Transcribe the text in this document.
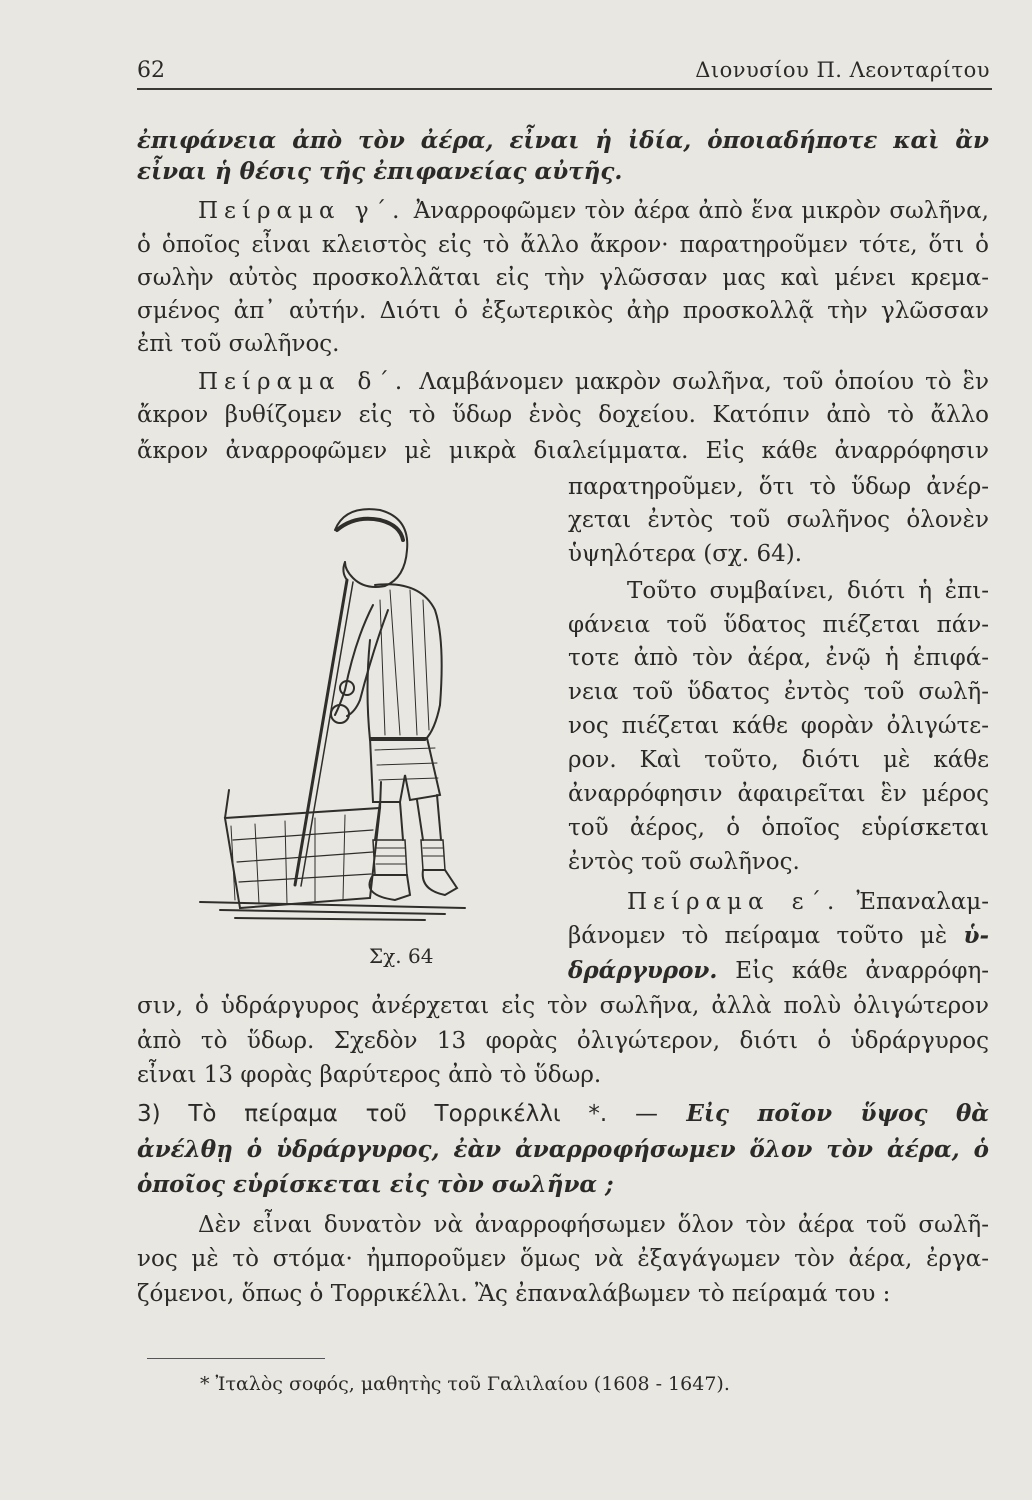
62	Διονυσίου Π. Λεονταρίτου
ἐπιφάνεια ἀπὸ τὸν ἀέρα, εἶναι ἡ ἰδία, ὁποιαδήποτε καὶ ἂν
εἶναι ἡ θέσις τῆς ἐπιφανείας αὐτῆς.
Πείραμα γ΄. Ἀναρροφῶμεν τὸν ἀέρα ἀπὸ ἕνα μικρὸν σωλῆνα,
ὁ ὁποῖος εἶναι κλειστὸς εἰς τὸ ἄλλο ἄκρον· παρατηροῦμεν τότε, ὅτι ὁ
σωλὴν αὐτὸς προσκολλᾶται εἰς τὴν γλῶσσαν μας καὶ μένει κρεμα-
σμένος ἀπ᾽ αὐτήν. Διότι ὁ ἐξωτερικὸς ἀὴρ προσκολλᾷ τὴν γλῶσσαν
ἐπὶ τοῦ σωλῆνος.
Πείραμα δ΄. Λαμβάνομεν μακρὸν σωλῆνα, τοῦ ὁποίου τὸ ἓν
ἄκρον βυθίζομεν εἰς τὸ ὕδωρ ἑνὸς δοχείου. Κατόπιν ἀπὸ τὸ ἄλλο
ἄκρον ἀναρροφῶμεν μὲ μικρὰ διαλείμματα. Εἰς κάθε ἀναρρόφησιν
παρατηροῦμεν, ὅτι τὸ ὕδωρ ἀνέρ-
χεται ἐντὸς τοῦ σωλῆνος ὁλονὲν
ὑψηλότερα (σχ. 64).
Τοῦτο συμβαίνει, διότι ἡ ἐπι-
φάνεια τοῦ ὕδατος πιέζεται πάν-
τοτε ἀπὸ τὸν ἀέρα, ἐνῷ ἡ ἐπιφά-
νεια τοῦ ὕδατος ἐντὸς τοῦ σωλῆ-
νος πιέζεται κάθε φορὰν ὀλιγώτε-
ρον. Καὶ τοῦτο, διότι μὲ κάθε
ἀναρρόφησιν ἀφαιρεῖται ἓν μέρος
τοῦ ἀέρος, ὁ ὁποῖος εὑρίσκεται
ἐντὸς τοῦ σωλῆνος.
Πείραμα ε΄. Ἐπαναλαμ-
βάνομεν τὸ πείραμα τοῦτο μὲ ὑ-
δράργυρον. Εἰς κάθε ἀναρρόφη-
σιν, ὁ ὑδράργυρος ἀνέρχεται εἰς τὸν σωλῆνα, ἀλλὰ πολὺ ὀλιγώτερον
ἀπὸ τὸ ὕδωρ. Σχεδὸν 13 φορὰς ὀλιγώτερον, διότι ὁ ὑδράργυρος
εἶναι 13 φορὰς βαρύτερος ἀπὸ τὸ ὕδωρ.
3) Τὸ πείραμα τοῦ Τορρικέλλι *. — Εἰς ποῖον ὕψος θὰ
ἀνέλθῃ ὁ ὑδράργυρος, ἐὰν ἀναρροφήσωμεν ὅλον τὸν ἀέρα, ὁ
ὁποῖος εὑρίσκεται εἰς τὸν σωλῆνα ;
Δὲν εἶναι δυνατὸν νὰ ἀναρροφήσωμεν ὅλον τὸν ἀέρα τοῦ σωλῆ-
νος μὲ τὸ στόμα· ἠμποροῦμεν ὅμως νὰ ἐξαγάγωμεν τὸν ἀέρα, ἐργα-
ζόμενοι, ὅπως ὁ Τορρικέλλι. Ἂς ἐπαναλάβωμεν τὸ πείραμά του :
Σχ. 64
* Ἰταλὸς σοφός, μαθητὴς τοῦ Γαλιλαίου (1608 - 1647).
